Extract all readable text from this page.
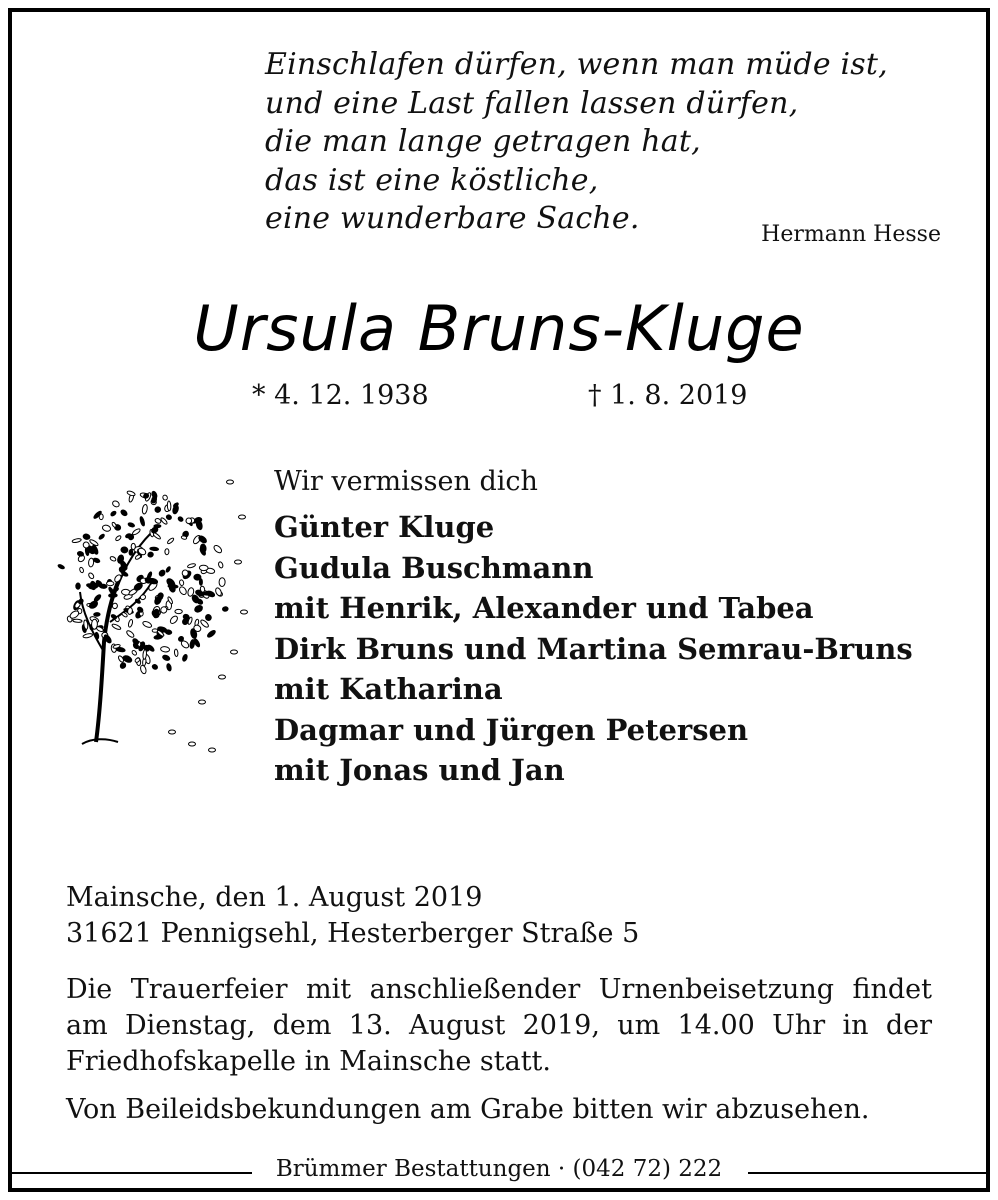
Einschlafen dürfen, wenn man müde ist,
und eine Last fallen lassen dürfen,
die man lange getragen hat,
das ist eine köstliche,
eine wunderbare Sache.	Hermann Hesse
Ursula Bruns-Kluge
* 4. 12. 1938	† 1. 8. 2019
Wir vermissen dich
Günter Kluge
Gudula Buschmann
mit Henrik, Alexander und Tabea
Dirk Bruns und Martina Semrau-Bruns
mit Katharina
Dagmar und Jürgen Petersen
mit Jonas und Jan
Mainsche, den 1. August 2019
31621 Pennigsehl, Hesterberger Straße 5
Die Trauerfeier mit anschließender Urnenbeisetzung findet am Dienstag, dem 13. August 2019, um 14.00 Uhr in der Friedhofskapelle in Mainsche statt.
Von Beileidsbekundungen am Grabe bitten wir abzusehen.
Brümmer Bestattungen · (042 72) 222
